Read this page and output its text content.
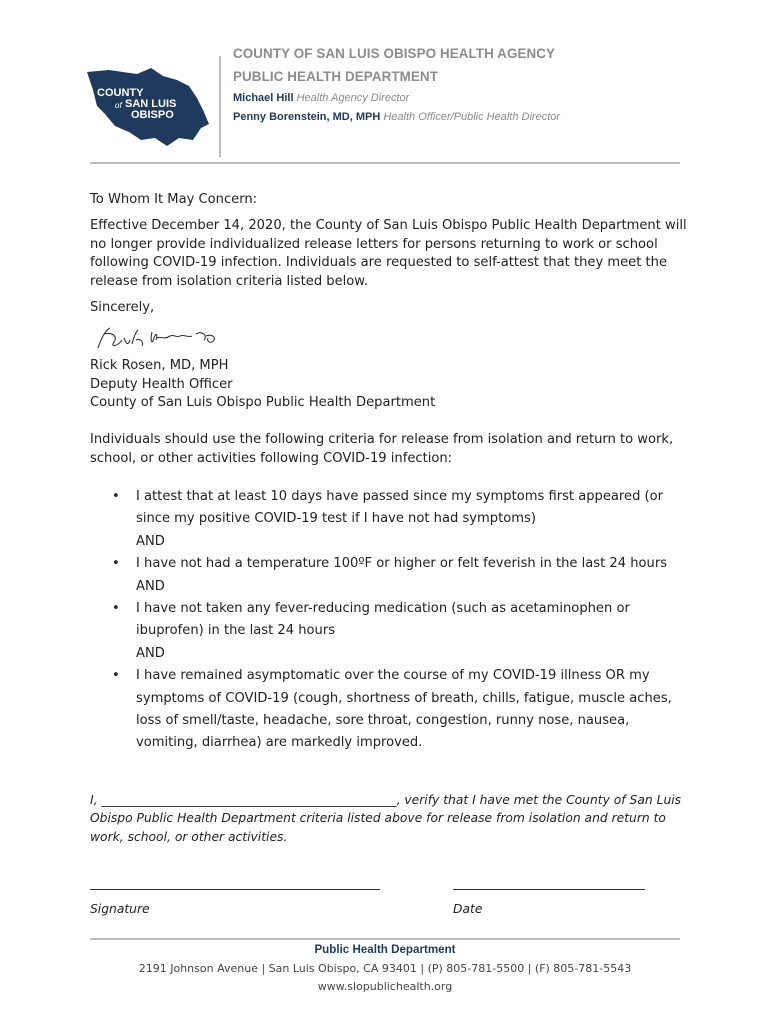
COUNTY
of SAN LUIS
OBISPO
COUNTY OF SAN LUIS OBISPO HEALTH AGENCY
PUBLIC HEALTH DEPARTMENT
Michael Hill Health Agency Director
Penny Borenstein, MD, MPH Health Officer/Public Health Director

To Whom It May Concern:

Effective December 14, 2020, the County of San Luis Obispo Public Health Department will no longer provide individualized release letters for persons returning to work or school following COVID-19 infection. Individuals are requested to self-attest that they meet the release from isolation criteria listed below.

Sincerely,

Rick Rosen, MD, MPH
Deputy Health Officer
County of San Luis Obispo Public Health Department

Individuals should use the following criteria for release from isolation and return to work, school, or other activities following COVID-19 infection:

• I attest that at least 10 days have passed since my symptoms first appeared (or since my positive COVID-19 test if I have not had symptoms)
AND
• I have not had a temperature 100ºF or higher or felt feverish in the last 24 hours
AND
• I have not taken any fever-reducing medication (such as acetaminophen or ibuprofen) in the last 24 hours
AND
• I have remained asymptomatic over the course of my COVID-19 illness OR my symptoms of COVID-19 (cough, shortness of breath, chills, fatigue, muscle aches, loss of smell/taste, headache, sore throat, congestion, runny nose, nausea, vomiting, diarrhea) are markedly improved.

I, ________________________________________________, verify that I have met the County of San Luis Obispo Public Health Department criteria listed above for release from isolation and return to work, school, or other activities.

Signature	Date
Public Health Department
2191 Johnson Avenue | San Luis Obispo, CA 93401 | (P) 805-781-5500 | (F) 805-781-5543
www.slopublichealth.org
